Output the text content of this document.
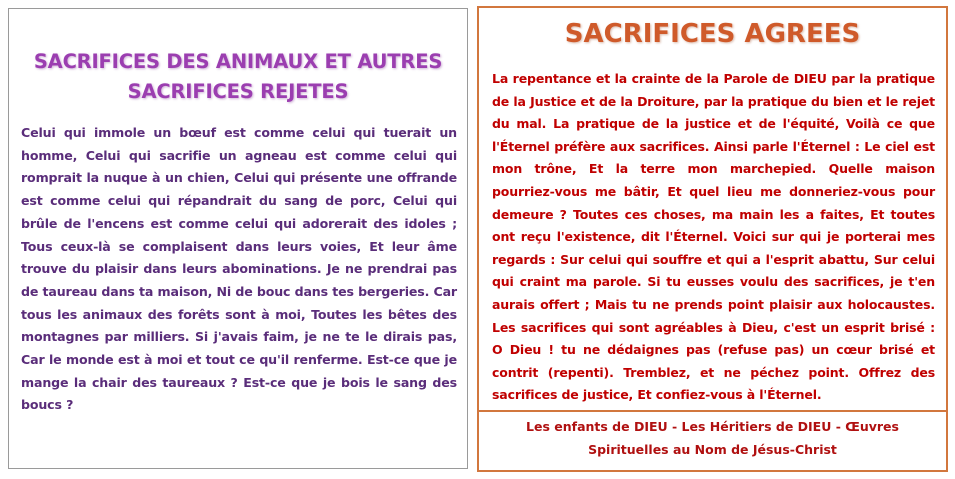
SACRIFICES DES ANIMAUX ET AUTRES
SACRIFICES REJETES
Celui qui immole un bœuf est comme celui qui tuerait un homme, Celui qui sacrifie un agneau est comme celui qui romprait la nuque à un chien, Celui qui présente une offrande est comme celui qui répandrait du sang de porc, Celui qui brûle de l'encens est comme celui qui adorerait des idoles ; Tous ceux-là se complaisent dans leurs voies, Et leur âme trouve du plaisir dans leurs abominations. Je ne prendrai pas de taureau dans ta maison, Ni de bouc dans tes bergeries. Car tous les animaux des forêts sont à moi, Toutes les bêtes des montagnes par milliers. Si j'avais faim, je ne te le dirais pas, Car le monde est à moi et tout ce qu'il renferme. Est-ce que je mange la chair des taureaux ? Est-ce que je bois le sang des boucs ?
SACRIFICES AGREES
La repentance et la crainte de la Parole de DIEU par la pratique de la Justice et de la Droiture, par la pratique du bien et le rejet du mal. La pratique de la justice et de l'équité, Voilà ce que l'Éternel préfère aux sacrifices. Ainsi parle l'Éternel : Le ciel est mon trône, Et la terre mon marchepied. Quelle maison pourriez-vous me bâtir, Et quel lieu me donneriez-vous pour demeure ? Toutes ces choses, ma main les a faites, Et toutes ont reçu l'existence, dit l'Éternel. Voici sur qui je porterai mes regards : Sur celui qui souffre et qui a l'esprit abattu, Sur celui qui craint ma parole. Si tu eusses voulu des sacrifices, je t'en aurais offert ; Mais tu ne prends point plaisir aux holocaustes. Les sacrifices qui sont agréables à Dieu, c'est un esprit brisé : O Dieu ! tu ne dédaignes pas (refuse pas) un cœur brisé et contrit (repenti). Tremblez, et ne péchez point. Offrez des sacrifices de justice, Et confiez-vous à l'Éternel.
Les enfants de DIEU - Les Héritiers de DIEU - Œuvres
Spirituelles au Nom de Jésus-Christ
